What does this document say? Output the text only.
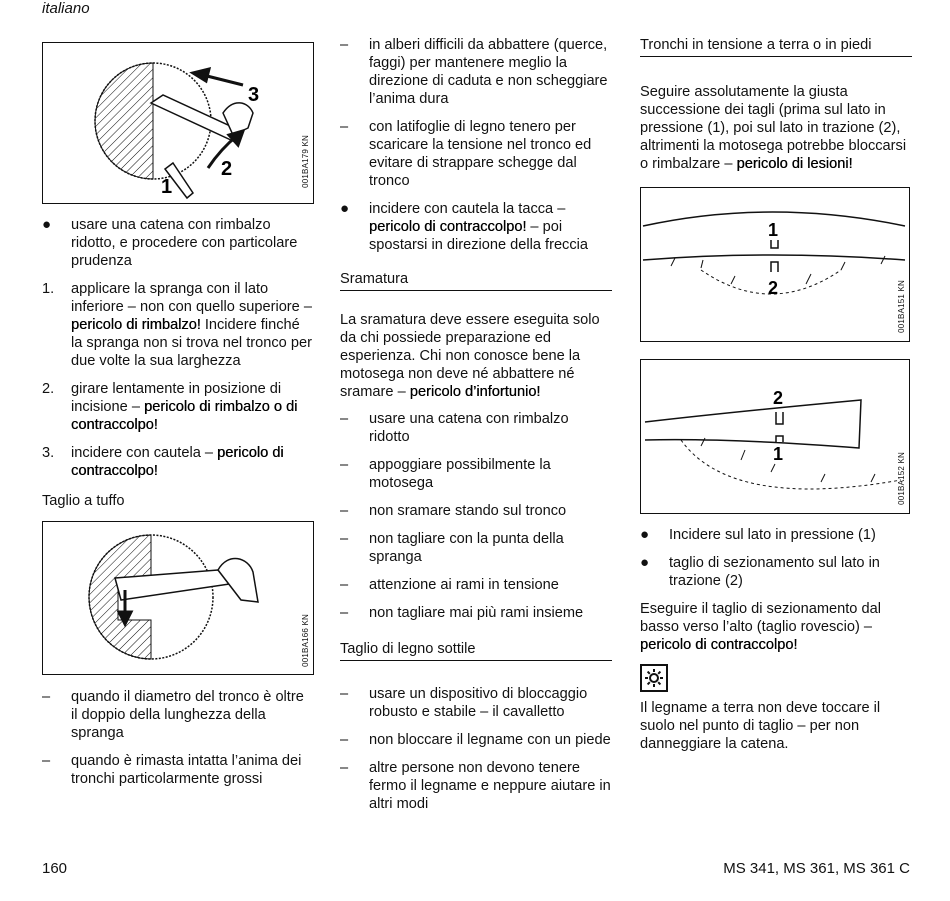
italiano
3
2
1	001BA179 KN
● usare una catena con rimbalzo ridotto, e procedere con particolare prudenza
1. applicare la spranga con il lato inferiore – non con quello superiore – pericolo di rimbalzo! Incidere finché la spranga non si trova nel tronco per due volte la sua larghezza
2. girare lentamente in posizione di incisione – pericolo di rimbalzo o di contraccolpo!
3. incidere con cautela – pericolo di contraccolpo!
Taglio a tuffo
001BA166 KN
– quando il diametro del tronco è oltre il doppio della lunghezza della spranga
– quando è rimasta intatta l’anima dei tronchi particolarmente grossi
– in alberi difficili da abbattere (querce, faggi) per mantenere meglio la direzione di caduta e non scheggiare l’anima dura
– con latifoglie di legno tenero per scaricare la tensione nel tronco ed evitare di strappare schegge dal tronco
● incidere con cautela la tacca – pericolo di contraccolpo! – poi spostarsi in direzione della freccia
Sramatura
La sramatura deve essere eseguita solo da chi possiede preparazione ed esperienza. Chi non conosce bene la motosega non deve né abbattere né sramare – pericolo d’infortunio!
– usare una catena con rimbalzo ridotto
– appoggiare possibilmente la motosega
– non sramare stando sul tronco
– non tagliare con la punta della spranga
– attenzione ai rami in tensione
– non tagliare mai più rami insieme
Taglio di legno sottile
– usare un dispositivo di bloccaggio robusto e stabile – il cavalletto
– non bloccare il legname con un piede
– altre persone non devono tenere fermo il legname e neppure aiutare in altri modi
Tronchi in tensione a terra o in piedi
Seguire assolutamente la giusta successione dei tagli (prima sul lato in pressione (1), poi sul lato in trazione (2), altrimenti la motosega potrebbe bloccarsi o rimbalzare – pericolo di lesioni!
1
2	001BA151 KN
2
1	001BA152 KN
● Incidere sul lato in pressione (1)
● taglio di sezionamento sul lato in trazione (2)
Eseguire il taglio di sezionamento dal basso verso l’alto (taglio rovescio) – pericolo di contraccolpo!
Il legname a terra non deve toccare il suolo nel punto di taglio – per non danneggiare la catena.
160	MS 341, MS 361, MS 361 C
